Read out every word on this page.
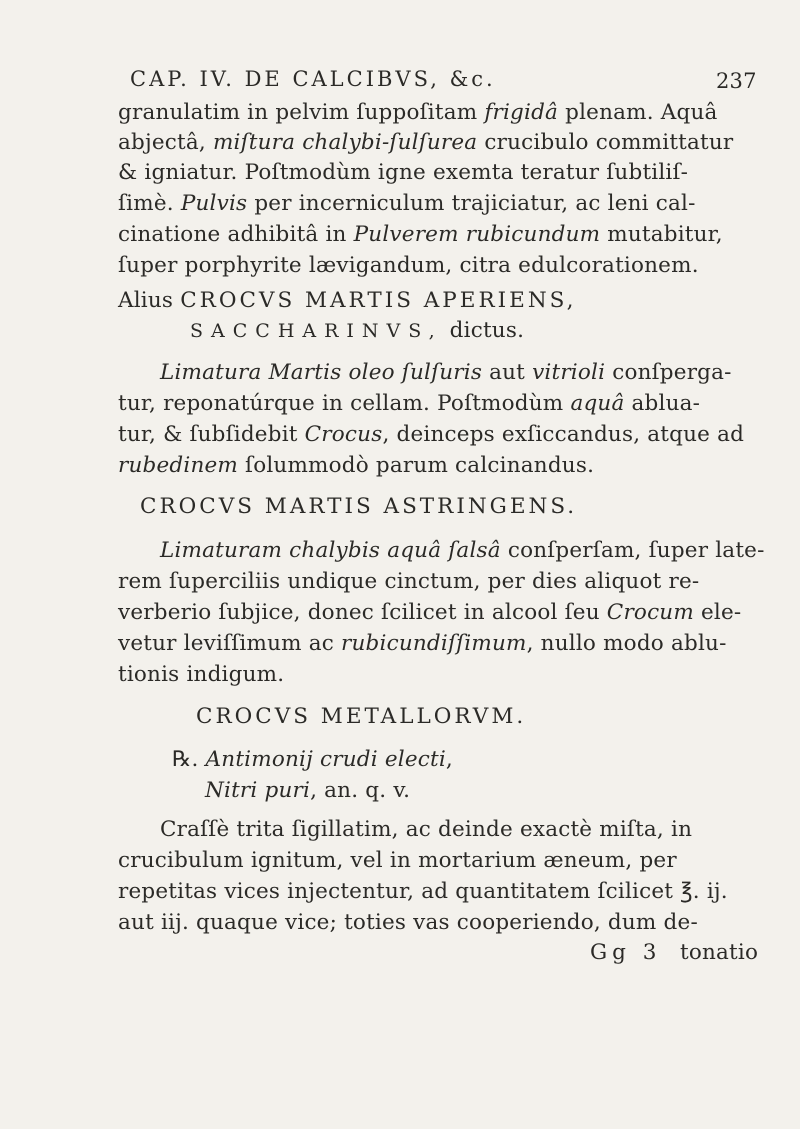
CAP. IV. DE CALCIBVS, &c.	237
granulatim in pelvim ſuppoſitam frigidâ plenam. Aquâ
abjectâ, miſtura chalybi-ſulſurea crucibulo committatur
& igniatur. Poſtmodùm igne exemta teratur ſubtiliſ-
ſimè. Pulvis per incerniculum trajiciatur, ac leni cal-
cinatione adhibitâ in Pulverem rubicundum mutabitur,
ſuper porphyrite lævigandum, citra edulcorationem.
Alius CROCVS MARTIS APERIENS,
SACCHARINVS, dictus.
Limatura Martis oleo ſulſuris aut vitrioli conſperga-
tur, reponatúrque in cellam. Poſtmodùm aquâ ablua-
tur, & ſubſidebit Crocus, deinceps exſiccandus, atque ad
rubedinem ſolummodò parum calcinandus.
CROCVS MARTIS ASTRINGENS.
Limaturam chalybis aquâ ſalsâ conſperſam, ſuper late-
rem ſuperciliis undique cinctum, per dies aliquot re-
verberio ſubjice, donec ſcilicet in alcool ſeu Crocum ele-
vetur leviſſimum ac rubicundiſſimum, nullo modo ablu-
tionis indigum.
CROCVS METALLORVM.
℞. Antimonij crudi electi,
Nitri puri, an. q. v.
Craſſè trita ſigillatim, ac deinde exactè miſta, in
crucibulum ignitum, vel in mortarium æneum, per
repetitas vices injectentur, ad quantitatem ſcilicet ℥. ij.
aut iij. quaque vice; toties vas cooperiendo, dum de-
Gg 3 tonatio
